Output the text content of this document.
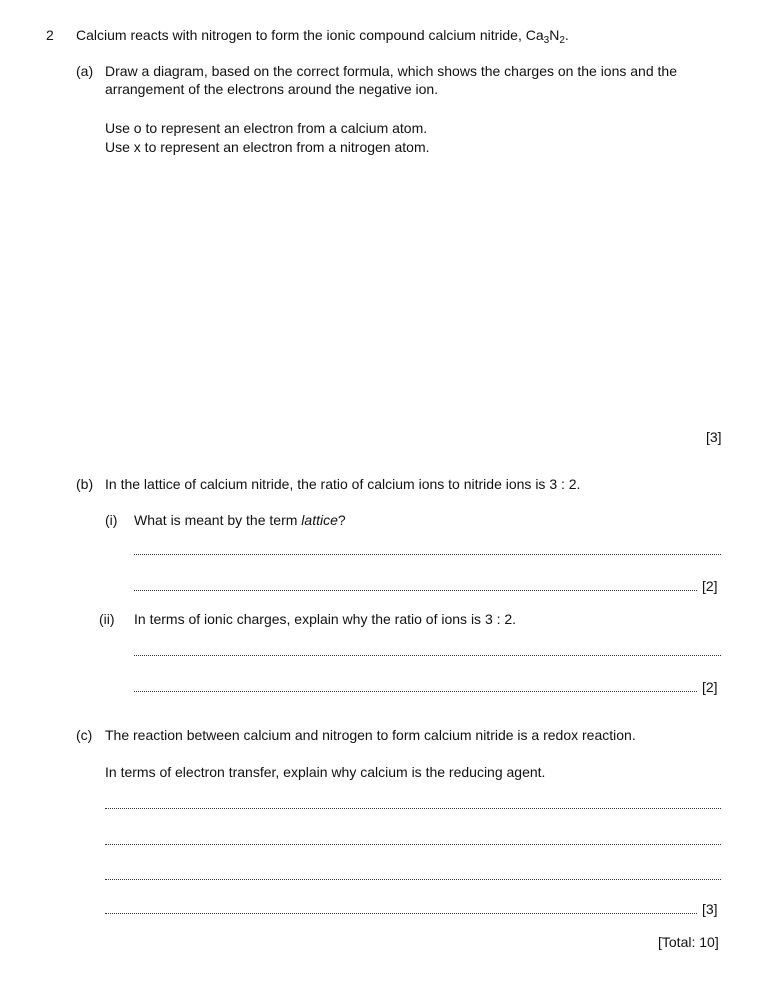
2 Calcium reacts with nitrogen to form the ionic compound calcium nitride, $Ca_3N_2$.
(a) Draw a diagram, based on the correct formula, which shows the charges on the ions and the
arrangement of the electrons around the negative ion.
Use o to represent an electron from a calcium atom.
Use x to represent an electron from a nitrogen atom.
[3]
(b) In the lattice of calcium nitride, the ratio of calcium ions to nitride ions is 3 : 2.
(i) What is meant by the term lattice?
[2]
(ii) In terms of ionic charges, explain why the ratio of ions is 3 : 2.
[2]
(c) The reaction between calcium and nitrogen to form calcium nitride is a redox reaction.
In terms of electron transfer, explain why calcium is the reducing agent.
[3]
[Total: 10]
